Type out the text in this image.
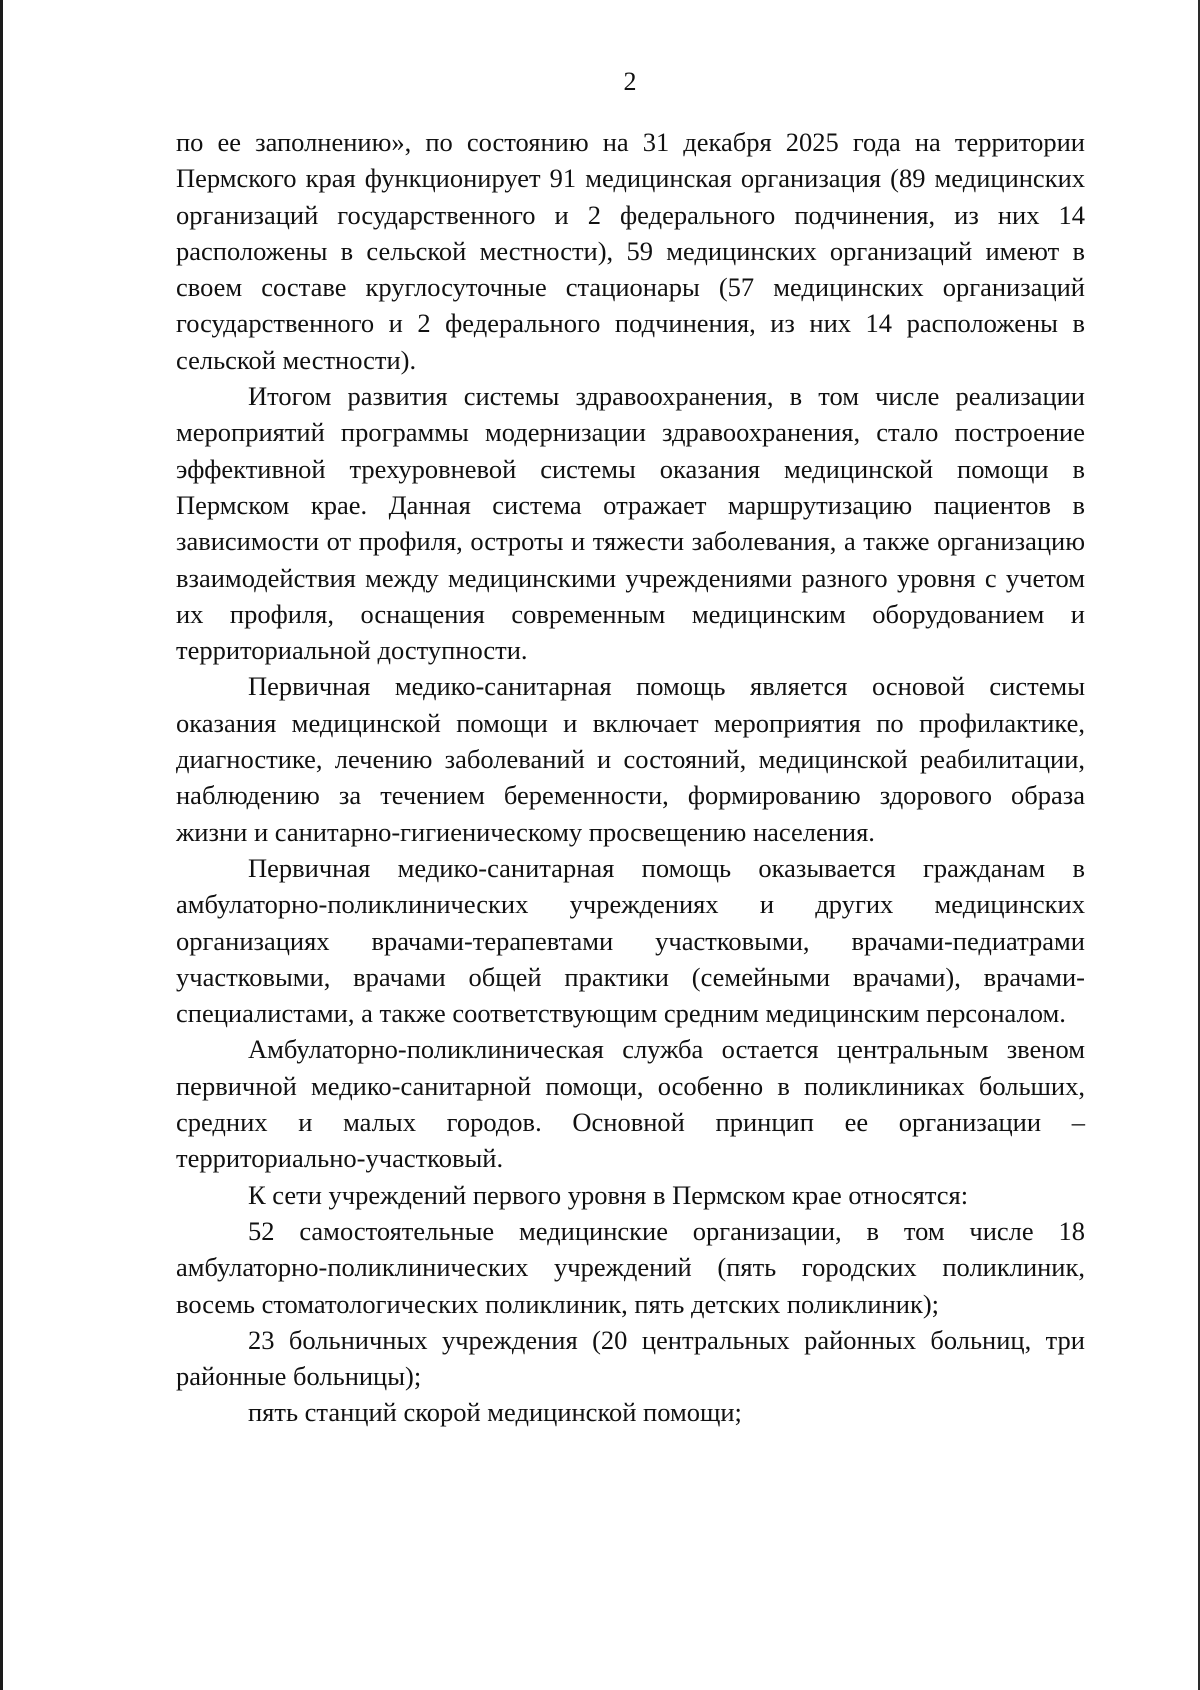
2

по ее заполнению», по состоянию на 31 декабря 2025 года на территории Пермского края функционирует 91 медицинская организация (89 медицинских организаций государственного и 2 федерального подчинения, из них 14 расположены в сельской местности), 59 медицинских организаций имеют в своем составе круглосуточные стационары (57 медицинских организаций государственного и 2 федерального подчинения, из них 14 расположены в сельской местности).

Итогом развития системы здравоохранения, в том числе реализации мероприятий программы модернизации здравоохранения, стало построение эффективной трехуровневой системы оказания медицинской помощи в Пермском крае. Данная система отражает маршрутизацию пациентов в зависимости от профиля, остроты и тяжести заболевания, а также организацию взаимодействия между медицинскими учреждениями разного уровня с учетом их профиля, оснащения современным медицинским оборудованием и территориальной доступности.

Первичная медико-санитарная помощь является основой системы оказания медицинской помощи и включает мероприятия по профилактике, диагностике, лечению заболеваний и состояний, медицинской реабилитации, наблюдению за течением беременности, формированию здорового образа жизни и санитарно-гигиеническому просвещению населения.

Первичная медико-санитарная помощь оказывается гражданам в амбулаторно-поликлинических учреждениях и других медицинских организациях врачами-терапевтами участковыми, врачами-педиатрами участковыми, врачами общей практики (семейными врачами), врачами-специалистами, а также соответствующим средним медицинским персоналом.

Амбулаторно-поликлиническая служба остается центральным звеном первичной медико-санитарной помощи, особенно в поликлиниках больших, средних и малых городов. Основной принцип ее организации – территориально-участковый.

К сети учреждений первого уровня в Пермском крае относятся:

52 самостоятельные медицинские организации, в том числе 18 амбулаторно-поликлинических учреждений (пять городских поликлиник, восемь стоматологических поликлиник, пять детских поликлиник);

23 больничных учреждения (20 центральных районных больниц, три районные больницы);

пять станций скорой медицинской помощи;
